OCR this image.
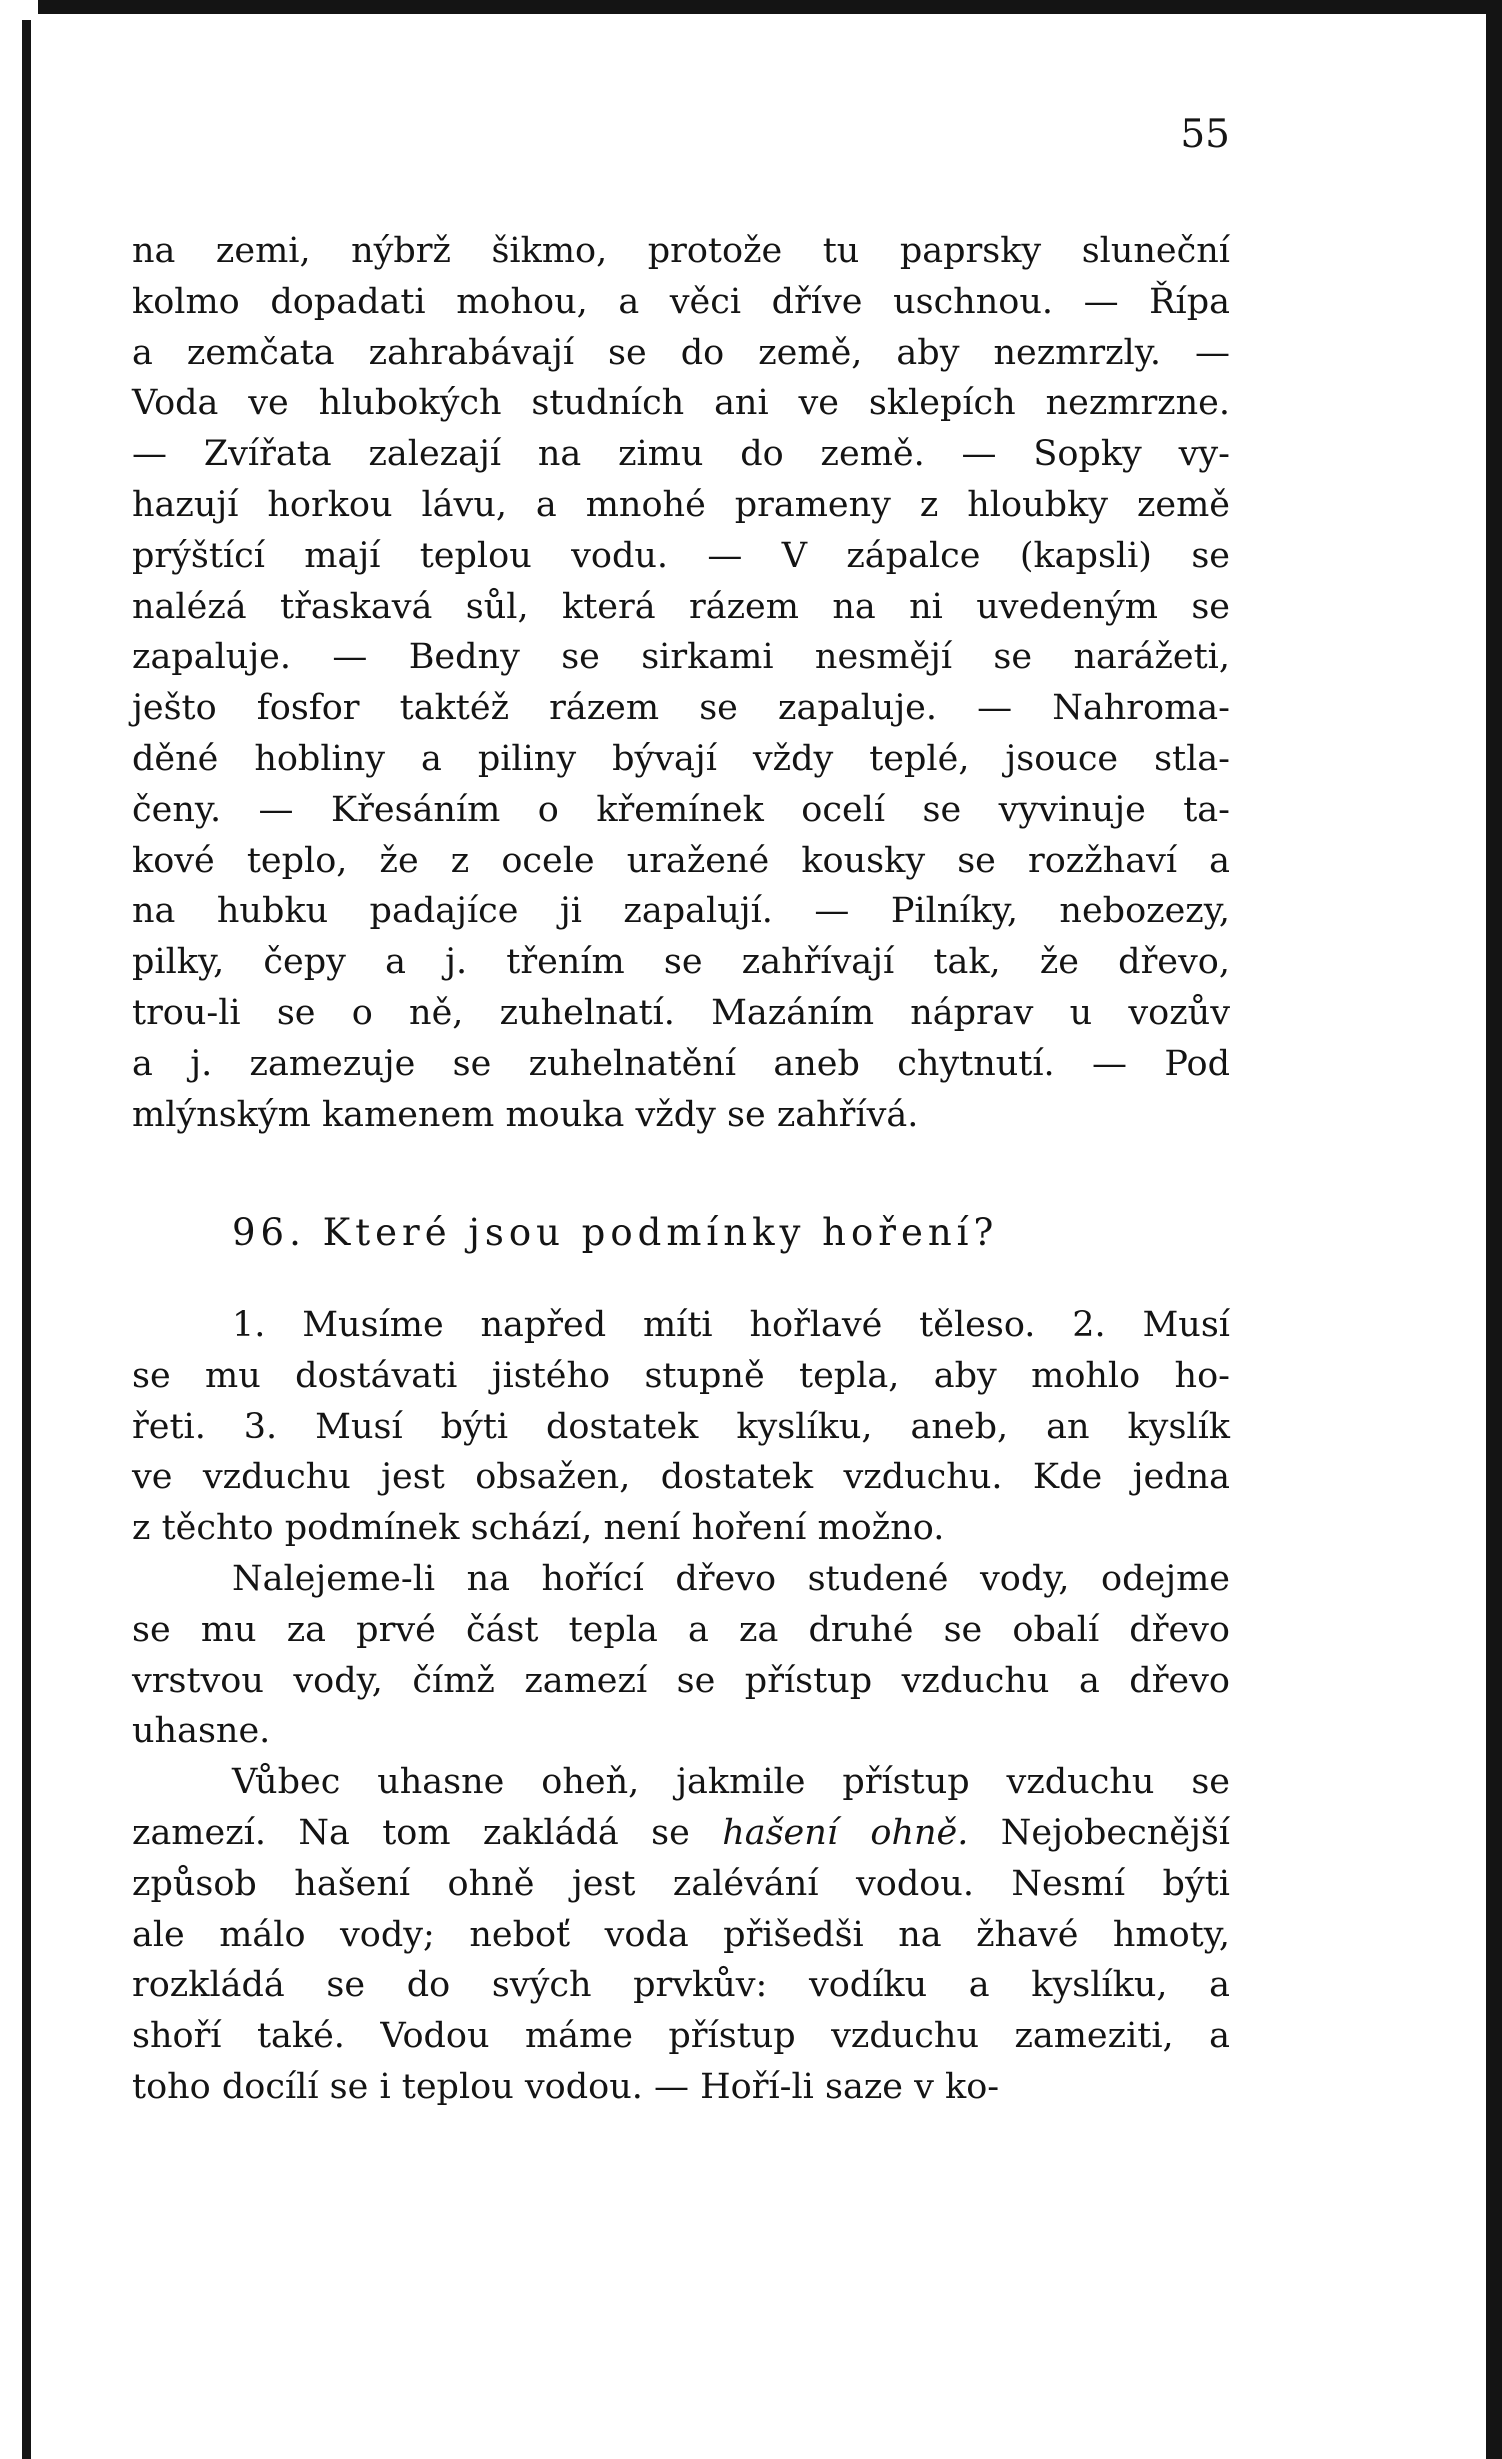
55
na zemi, nýbrž šikmo, protože tu paprsky sluneční
kolmo dopadati mohou, a věci dříve uschnou. — Řípa
a zemčata zahrabávají se do země, aby nezmrzly. —
Voda ve hlubokých studních ani ve sklepích nezmrzne.
— Zvířata zalezají na zimu do země. — Sopky vy-
hazují horkou lávu, a mnohé prameny z hloubky země
prýštící mají teplou vodu. — V zápalce (kapsli) se
nalézá třaskavá sůl, která rázem na ni uvedeným se
zapaluje. — Bedny se sirkami nesmějí se narážeti,
ješto fosfor taktéž rázem se zapaluje. — Nahroma-
děné hobliny a piliny bývají vždy teplé, jsouce stla-
čeny. — Křesáním o křemínek ocelí se vyvinuje ta-
kové teplo, že z ocele uražené kousky se rozžhaví a
na hubku padajíce ji zapalují. — Pilníky, nebozezy,
pilky, čepy a j. třením se zahřívají tak, že dřevo,
trou-li se o ně, zuhelnatí. Mazáním náprav u vozův
a j. zamezuje se zuhelnatění aneb chytnutí. — Pod
mlýnským kamenem mouka vždy se zahřívá.
96. Které jsou podmínky hoření?
1. Musíme napřed míti hořlavé těleso. 2. Musí
se mu dostávati jistého stupně tepla, aby mohlo ho-
řeti. 3. Musí býti dostatek kyslíku, aneb, an kyslík
ve vzduchu jest obsažen, dostatek vzduchu. Kde jedna
z těchto podmínek schází, není hoření možno.
Nalejeme-li na hořící dřevo studené vody, odejme
se mu za prvé část tepla a za druhé se obalí dřevo
vrstvou vody, čímž zamezí se přístup vzduchu a dřevo
uhasne.
Vůbec uhasne oheň, jakmile přístup vzduchu se
zamezí. Na tom zakládá se hašení ohně. Nejobecnější
způsob hašení ohně jest zalévání vodou. Nesmí býti
ale málo vody; neboť voda přišedši na žhavé hmoty,
rozkládá se do svých prvkův: vodíku a kyslíku, a
shoří také. Vodou máme přístup vzduchu zameziti, a
toho docílí se i teplou vodou. — Hoří-li saze v ko-
